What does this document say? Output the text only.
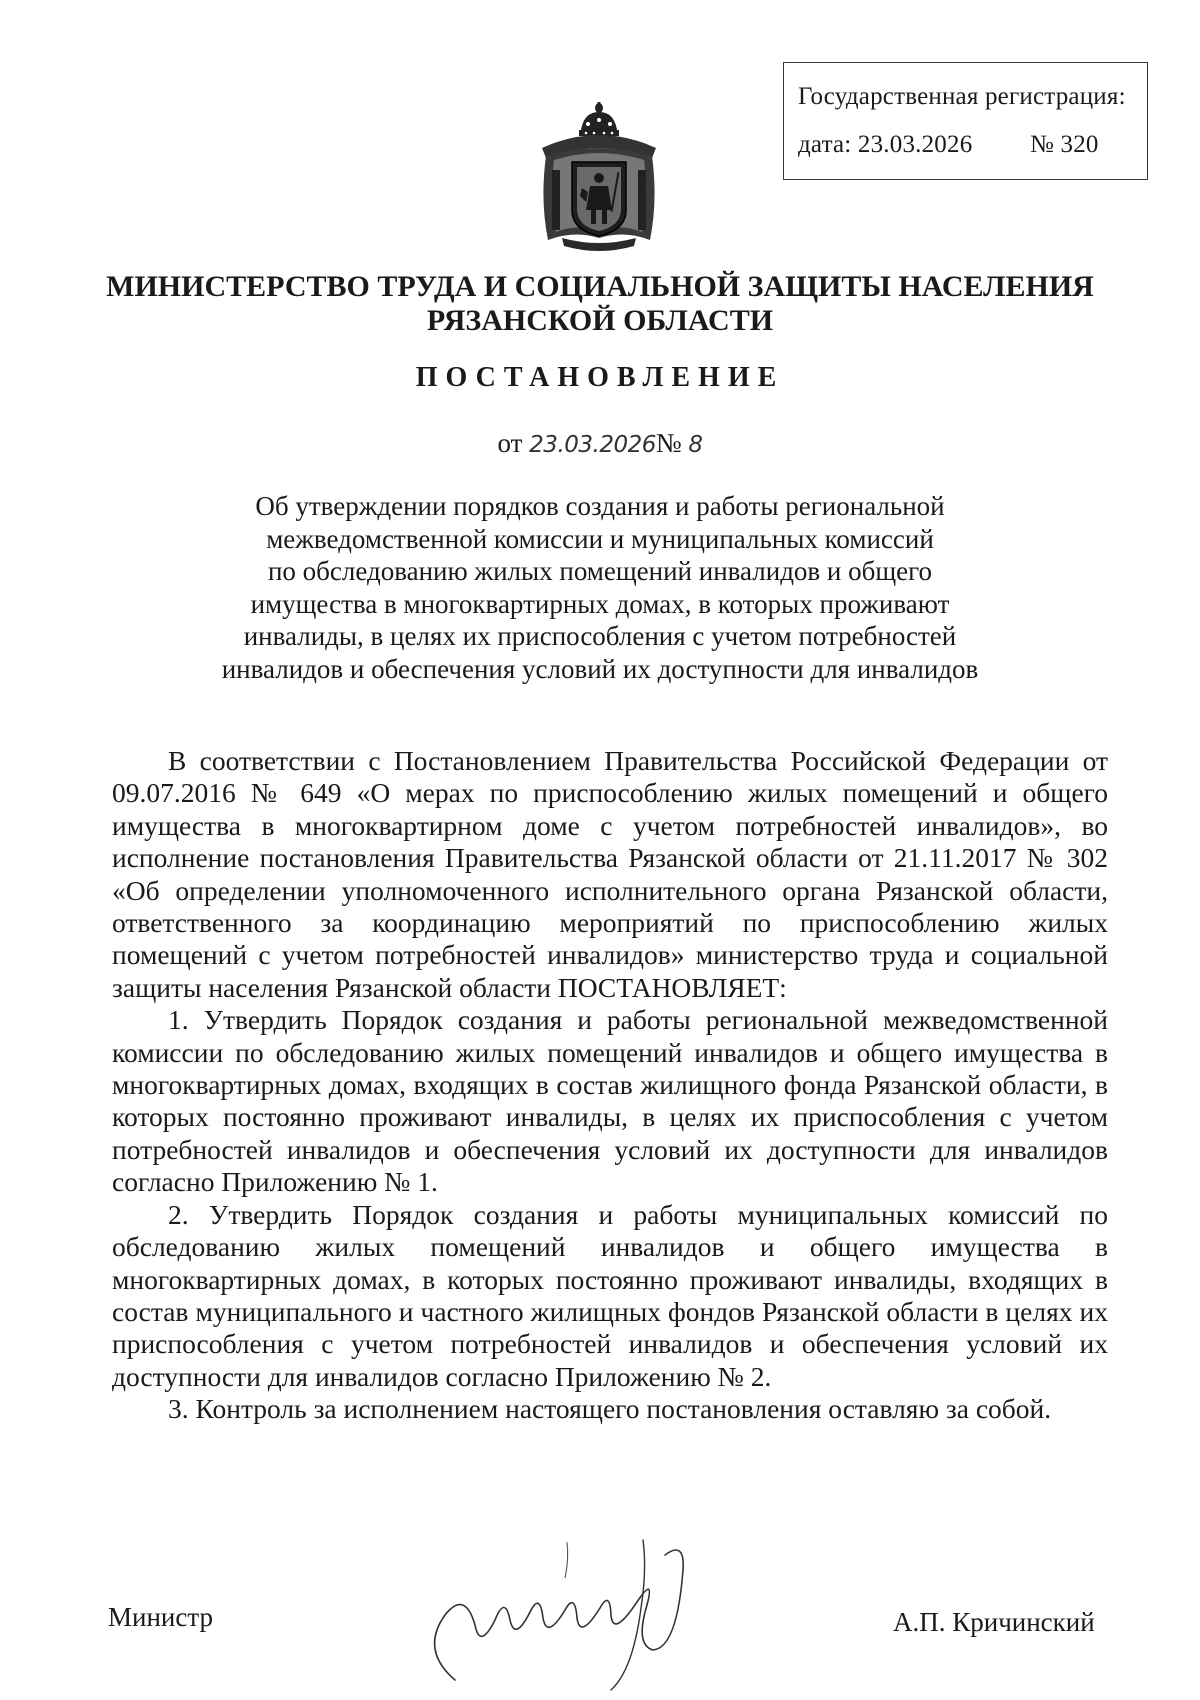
Государственная регистрация:
дата: 23.03.2026 № 320
МИНИСТЕРСТВО ТРУДА И СОЦИАЛЬНОЙ ЗАЩИТЫ НАСЕЛЕНИЯ
РЯЗАНСКОЙ ОБЛАСТИ
ПОСТАНОВЛЕНИЕ
от 23.03.2026№ 8
Об утверждении порядков создания и работы региональной
межведомственной комиссии и муниципальных комиссий
по обследованию жилых помещений инвалидов и общего
имущества в многоквартирных домах, в которых проживают
инвалиды, в целях их приспособления с учетом потребностей
инвалидов и обеспечения условий их доступности для инвалидов

В соответствии с Постановлением Правительства Российской Федерации от 09.07.2016 № 649 «О мерах по приспособлению жилых помещений и общего имущества в многоквартирном доме с учетом потребностей инвалидов», во исполнение постановления Правительства Рязанской области от 21.11.2017 № 302 «Об определении уполномоченного исполнительного органа Рязанской области, ответственного за координацию мероприятий по приспособлению жилых помещений с учетом потребностей инвалидов» министерство труда и социальной защиты населения Рязанской области ПОСТАНОВЛЯЕТ:

1. Утвердить Порядок создания и работы региональной межведомственной комиссии по обследованию жилых помещений инвалидов и общего имущества в многоквартирных домах, входящих в состав жилищного фонда Рязанской области, в которых постоянно проживают инвалиды, в целях их приспособления с учетом потребностей инвалидов и обеспечения условий их доступности для инвалидов согласно Приложению № 1.

2. Утвердить Порядок создания и работы муниципальных комиссий по обследованию жилых помещений инвалидов и общего имущества в многоквартирных домах, в которых постоянно проживают инвалиды, входящих в состав муниципального и частного жилищных фондов Рязанской области в целях их приспособления с учетом потребностей инвалидов и обеспечения условий их доступности для инвалидов согласно Приложению № 2.

3. Контроль за исполнением настоящего постановления оставляю за собой.

Министр	А.П. Кричинский
